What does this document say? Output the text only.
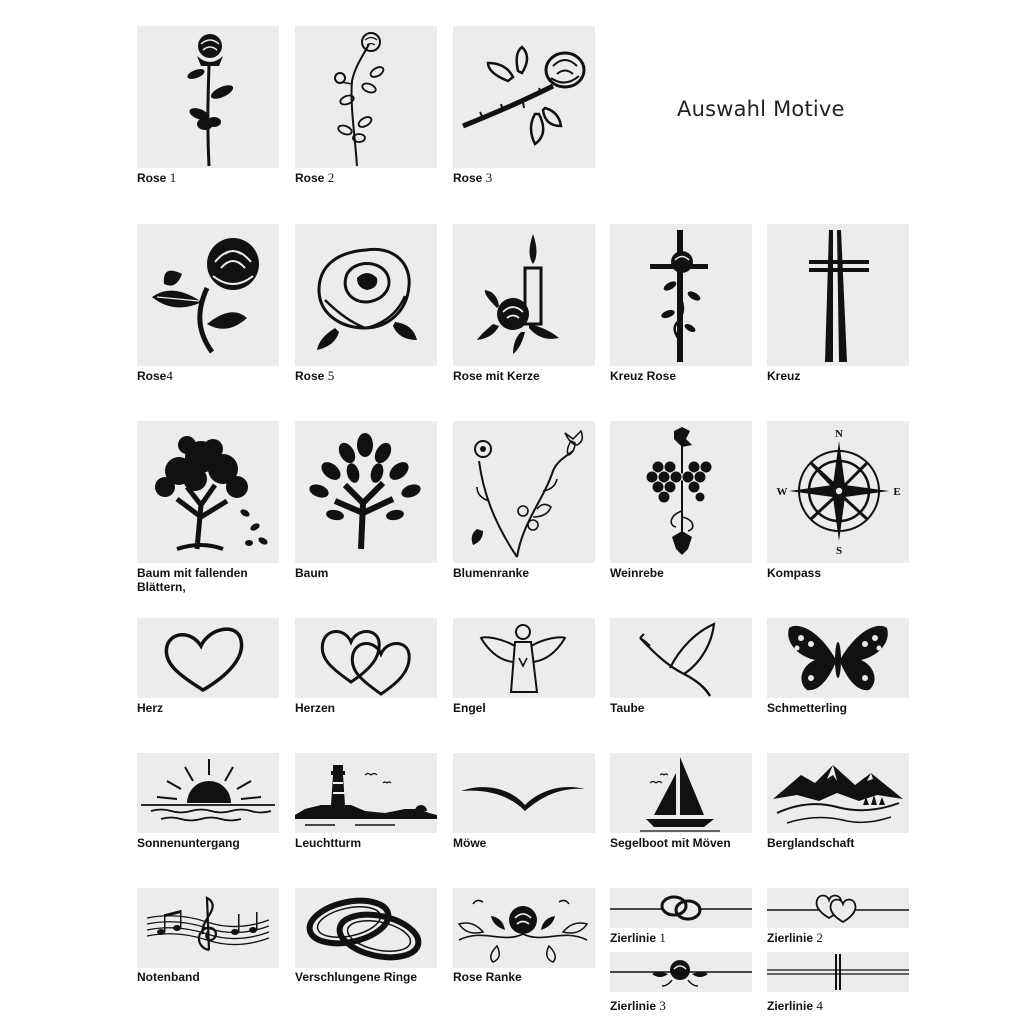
Auswahl Motive
Rose 1	Rose 2	Rose 3
Rose4	Rose 5	Rose mit Kerze	Kreuz Rose	Kreuz
Baum mit fallenden
Blättern,
Baum	Blumenranke	Weinrebe
N
S
W	E
Kompass
Herz	Herzen	Engel	Taube	Schmetterling
Sonnenuntergang	Leuchtturm	Möwe	Segelboot mit Möven	Berglandschaft
Notenband	Verschlungene Ringe	Rose Ranke
Zierlinie 1	Zierlinie 2
Zierlinie 3	Zierlinie 4
